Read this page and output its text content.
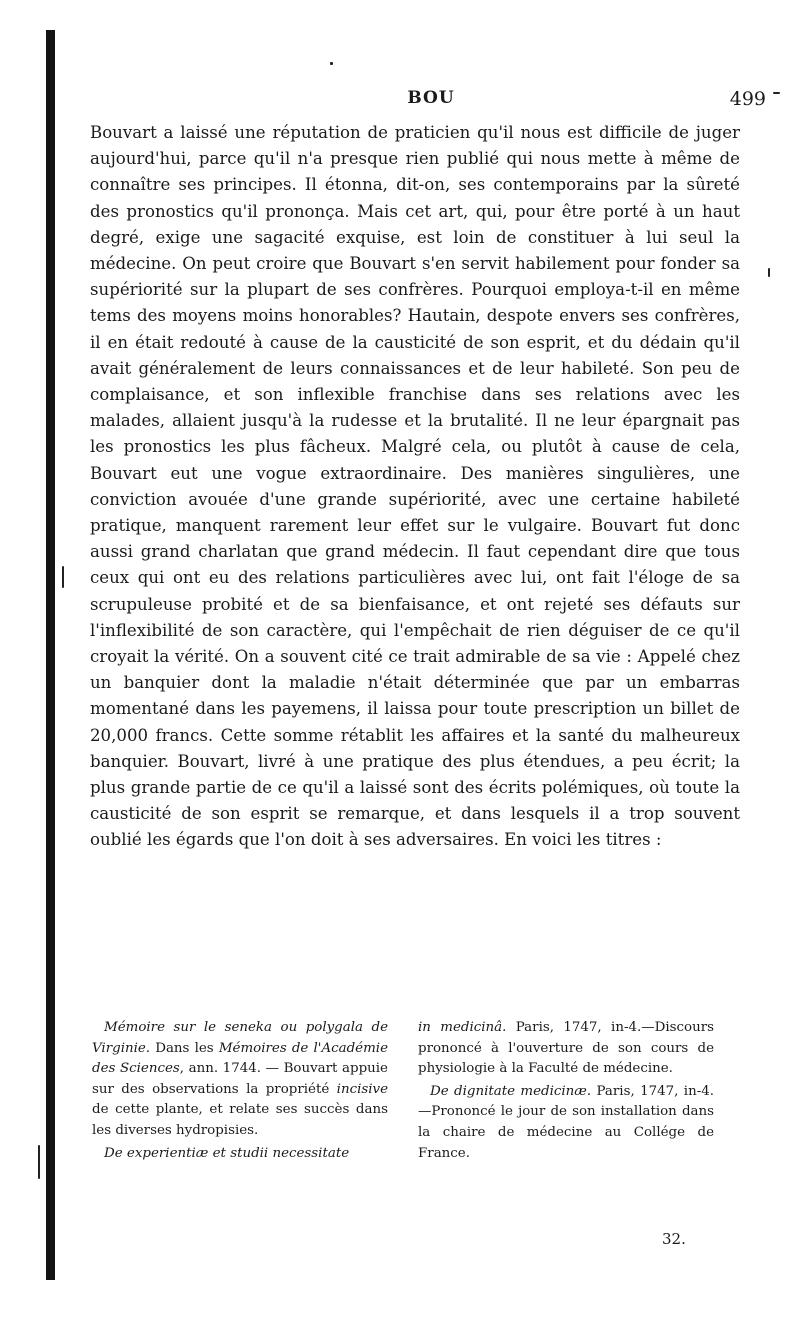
BOU	499

Bouvart a laissé une réputation de praticien qu'il nous est difficile de juger aujourd'hui, parce qu'il n'a presque rien publié qui nous mette à même de connaître ses principes. Il étonna, dit-on, ses contemporains par la sûreté des pronostics qu'il prononça. Mais cet art, qui, pour être porté à un haut degré, exige une sagacité exquise, est loin de constituer à lui seul la médecine. On peut croire que Bouvart s'en servit habilement pour fonder sa supériorité sur la plupart de ses confrères. Pourquoi employa-t-il en même tems des moyens moins honorables? Hautain, despote envers ses confrères, il en était redouté à cause de la causticité de son esprit, et du dédain qu'il avait généralement de leurs connaissances et de leur habileté. Son peu de complaisance, et son inflexible franchise dans ses relations avec les malades, allaient jusqu'à la rudesse et la brutalité. Il ne leur épargnait pas les pronostics les plus fâcheux. Malgré cela, ou plutôt à cause de cela, Bouvart eut une vogue extraordinaire. Des manières singulières, une conviction avouée d'une grande supériorité, avec une certaine habileté pratique, manquent rarement leur effet sur le vulgaire. Bouvart fut donc aussi grand charlatan que grand médecin. Il faut cependant dire que tous ceux qui ont eu des relations particulières avec lui, ont fait l'éloge de sa scrupuleuse probité et de sa bienfaisance, et ont rejeté ses défauts sur l'inflexibilité de son caractère, qui l'empêchait de rien déguiser de ce qu'il croyait la vérité. On a souvent cité ce trait admirable de sa vie : Appelé chez un banquier dont la maladie n'était déterminée que par un embarras momentané dans les payemens, il laissa pour toute prescription un billet de 20,000 francs. Cette somme rétablit les affaires et la santé du malheureux banquier. Bouvart, livré à une pratique des plus étendues, a peu écrit; la plus grande partie de ce qu'il a laissé sont des écrits polémiques, où toute la causticité de son esprit se remarque, et dans lesquels il a trop souvent oublié les égards que l'on doit à ses adversaires. En voici les titres :

Mémoire sur le seneka ou polygala de Virginie. Dans les Mémoires de l'Académie des Sciences, ann. 1744. — Bouvart appuie sur des observations la propriété incisive de cette plante, et relate ses succès dans les diverses hydropisies.

De experientiæ et studii necessitate

in medicinâ. Paris, 1747, in-4.—Discours prononcé à l'ouverture de son cours de physiologie à la Faculté de médecine.

De dignitate medicinæ. Paris, 1747, in-4.—Prononcé le jour de son installation dans la chaire de médecine au Collége de France.

32.
